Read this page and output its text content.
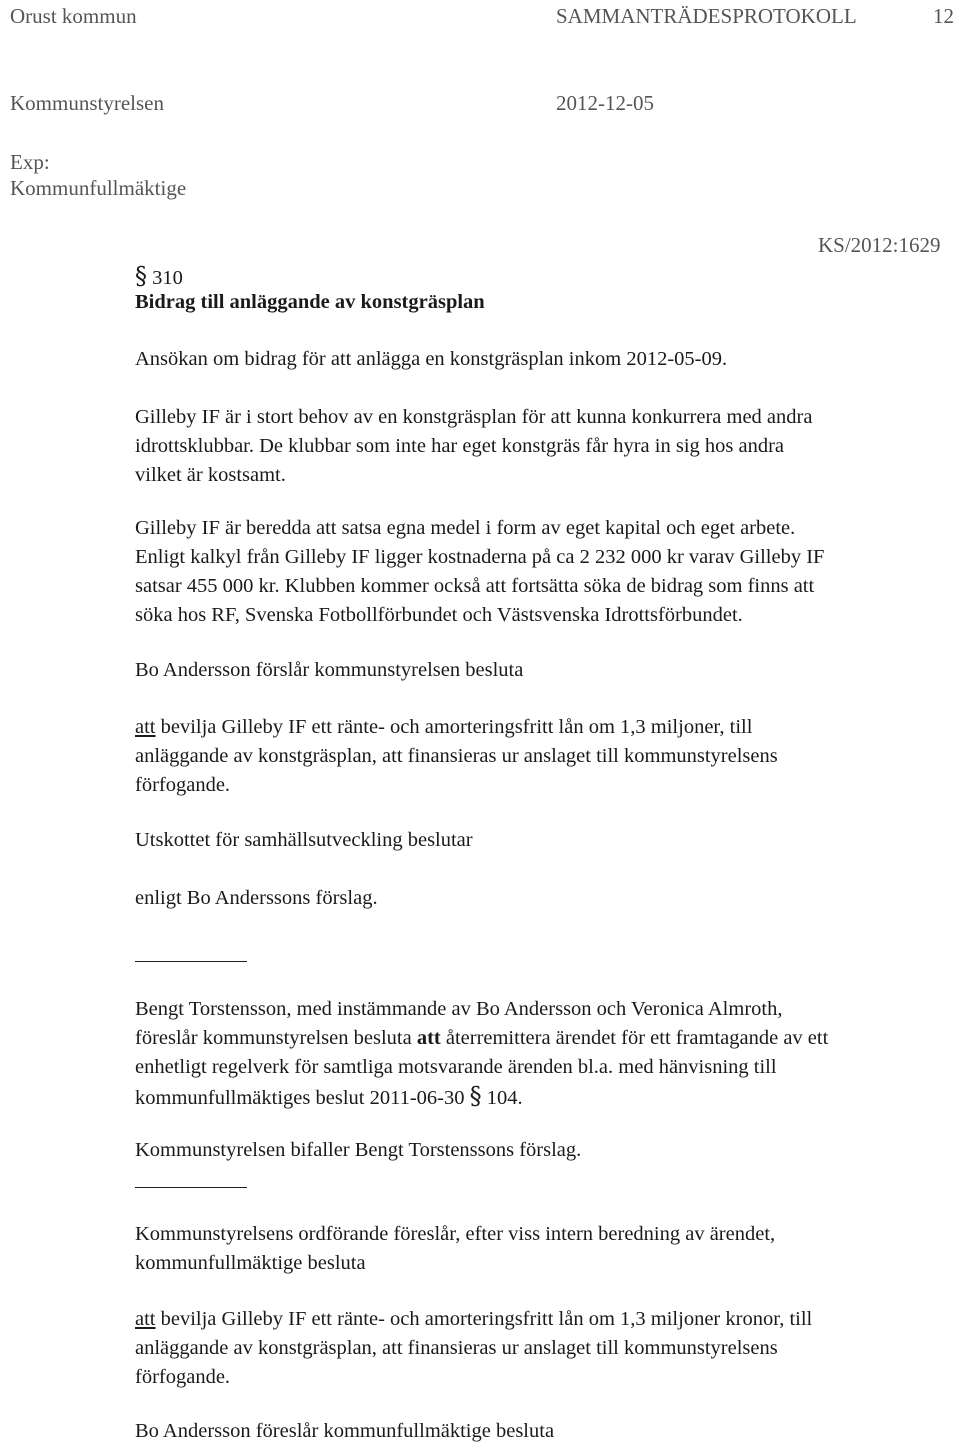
Orust kommun	SAMMANTRÄDESPROTOKOLL	12
Kommunstyrelsen	2012-12-05
Exp:
Kommunfullmäktige
KS/2012:1629
§ 310
Bidrag till anläggande av konstgräsplan
Ansökan om bidrag för att anlägga en konstgräsplan inkom 2012-05-09.

Gilleby IF är i stort behov av en konstgräsplan för att kunna konkurrera med andra

idrottsklubbar. De klubbar som inte har eget konstgräs får hyra in sig hos andra

vilket är kostsamt.

Gilleby IF är beredda att satsa egna medel i form av eget kapital och eget arbete.

Enligt kalkyl från Gilleby IF ligger kostnaderna på ca 2 232 000 kr varav Gilleby IF

satsar 455 000 kr. Klubben kommer också att fortsätta söka de bidrag som finns att

söka hos RF, Svenska Fotbollförbundet och Västsvenska Idrottsförbundet.

Bo Andersson förslår kommunstyrelsen besluta

att bevilja Gilleby IF ett ränte- och amorteringsfritt lån om 1,3 miljoner, till

anläggande av konstgräsplan, att finansieras ur anslaget till kommunstyrelsens

förfogande.

Utskottet för samhällsutveckling beslutar
enligt Bo Anderssons förslag.

Bengt Torstensson, med instämmande av Bo Andersson och Veronica Almroth,

föreslår kommunstyrelsen besluta att återremittera ärendet för ett framtagande av ett

enhetligt regelverk för samtliga motsvarande ärenden bl.a. med hänvisning till

kommunfullmäktiges beslut 2011-06-30 § 104.

Kommunstyrelsen bifaller Bengt Torstenssons förslag.

Kommunstyrelsens ordförande föreslår, efter viss intern beredning av ärendet,

kommunfullmäktige besluta

att bevilja Gilleby IF ett ränte- och amorteringsfritt lån om 1,3 miljoner kronor, till

anläggande av konstgräsplan, att finansieras ur anslaget till kommunstyrelsens

förfogande.

Bo Andersson föreslår kommunfullmäktige besluta
